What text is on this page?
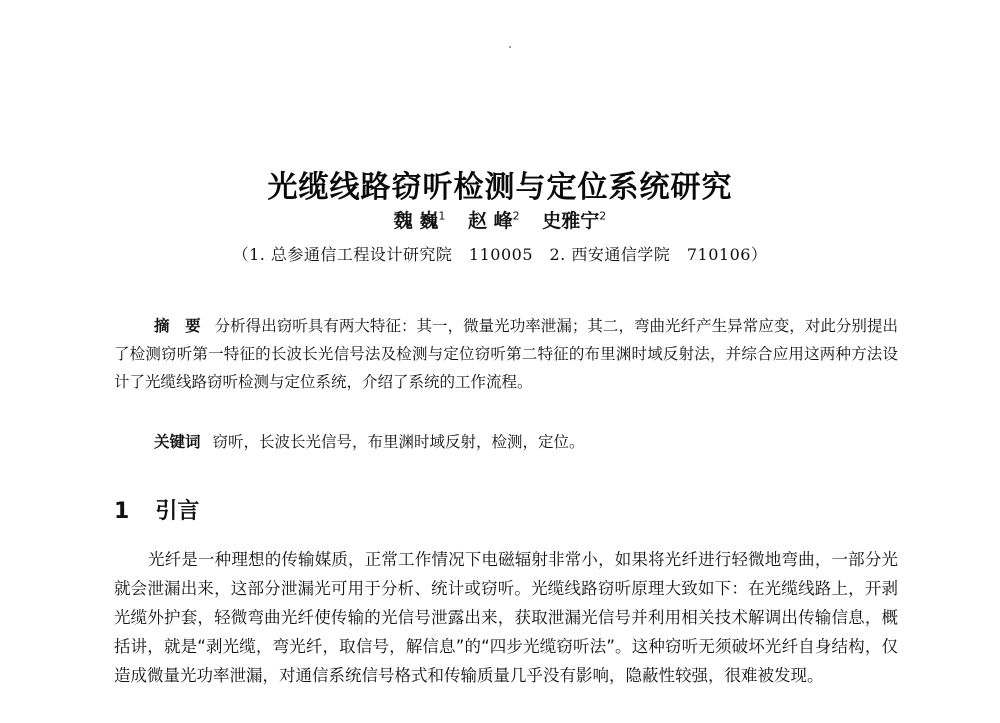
光缆线路窃听检测与定位系统研究
魏 巍$^1$ 赵 峰$^2$ 史雅宁$^2$
（1. 总参通信工程设计研究院　110005　2. 西安通信学院　710106）

摘　要 分析得出窃听具有两大特征：其一，微量光功率泄漏；其二，弯曲光纤产生异常应变，对此分别提出了检测窃听第一特征的长波长光信号法及检测与定位窃听第二特征的布里渊时域反射法，并综合应用这两种方法设计了光缆线路窃听检测与定位系统，介绍了系统的工作流程。

关键词 窃听，长波长光信号，布里渊时域反射，检测，定位。
1 引言

光纤是一种理想的传输媒质，正常工作情况下电磁辐射非常小，如果将光纤进行轻微地弯曲，一部分光就会泄漏出来，这部分泄漏光可用于分析、统计或窃听。光缆线路窃听原理大致如下：在光缆线路上，开剥光缆外护套，轻微弯曲光纤使传输的光信号泄露出来，获取泄漏光信号并利用相关技术解调出传输信息，概括讲，就是“剥光缆，弯光纤，取信号，解信息”的“四步光缆窃听法”。这种窃听无须破坏光纤自身结构，仅造成微量光功率泄漏，对通信系统信号格式和传输质量几乎没有影响，隐蔽性较强，很难被发现。
